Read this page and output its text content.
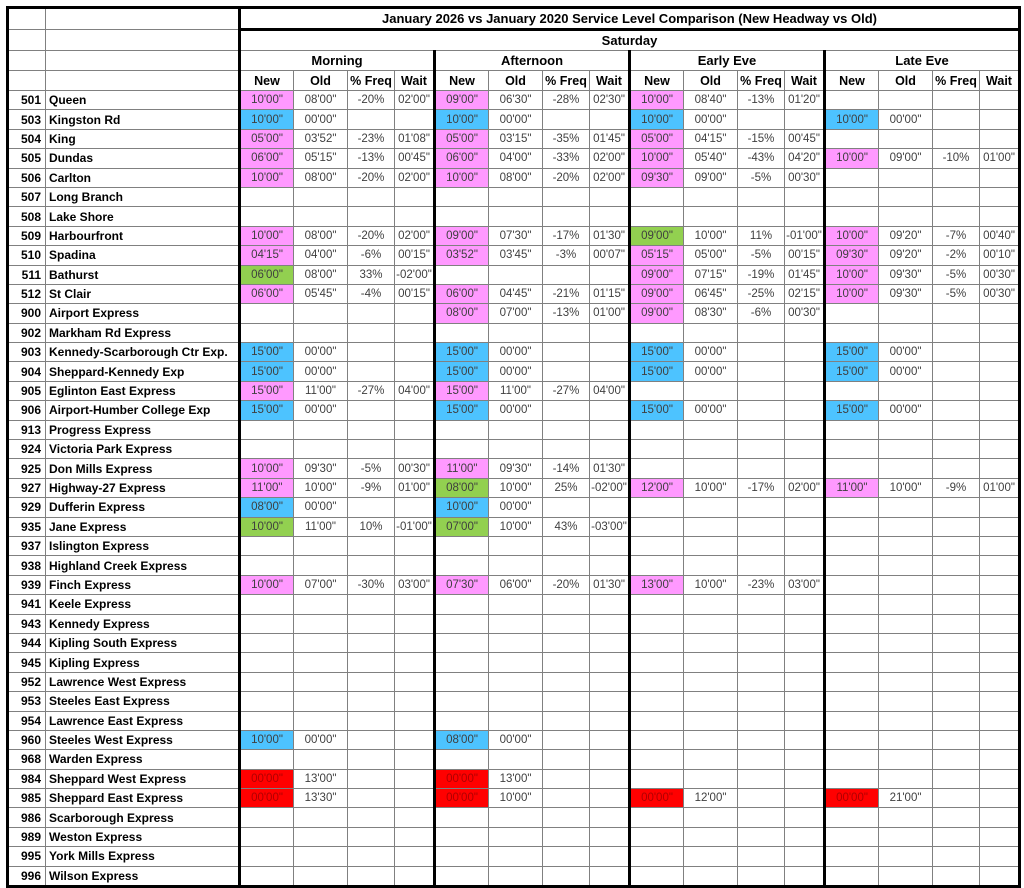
		January 2026 vs January 2020 Service Level Comparison (New Headway vs Old)															
		Saturday															
		Morning				Afternoon				Early Eve				Late Eve			
		New	Old	% Freq	Wait	New	Old	% Freq	Wait	New	Old	% Freq	Wait	New	Old	% Freq	Wait
501	Queen	10'00"	08'00"	-20%	02'00"	09'00"	06'30"	-28%	02'30"	10'00"	08'40"	-13%	01'20"				
503	Kingston Rd	10'00"	00'00"			10'00"	00'00"			10'00"	00'00"			10'00"	00'00"		
504	King	05'00"	03'52"	-23%	01'08"	05'00"	03'15"	-35%	01'45"	05'00"	04'15"	-15%	00'45"				
505	Dundas	06'00"	05'15"	-13%	00'45"	06'00"	04'00"	-33%	02'00"	10'00"	05'40"	-43%	04'20"	10'00"	09'00"	-10%	01'00"
506	Carlton	10'00"	08'00"	-20%	02'00"	10'00"	08'00"	-20%	02'00"	09'30"	09'00"	-5%	00'30"				
507	Long Branch																
508	Lake Shore																
509	Harbourfront	10'00"	08'00"	-20%	02'00"	09'00"	07'30"	-17%	01'30"	09'00"	10'00"	11%	-01'00"	10'00"	09'20"	-7%	00'40"
510	Spadina	04'15"	04'00"	-6%	00'15"	03'52"	03'45"	-3%	00'07"	05'15"	05'00"	-5%	00'15"	09'30"	09'20"	-2%	00'10"
511	Bathurst	06'00"	08'00"	33%	-02'00"					09'00"	07'15"	-19%	01'45"	10'00"	09'30"	-5%	00'30"
512	St Clair	06'00"	05'45"	-4%	00'15"	06'00"	04'45"	-21%	01'15"	09'00"	06'45"	-25%	02'15"	10'00"	09'30"	-5%	00'30"
900	Airport Express					08'00"	07'00"	-13%	01'00"	09'00"	08'30"	-6%	00'30"				
902	Markham Rd Express																
903	Kennedy-Scarborough Ctr Exp.	15'00"	00'00"			15'00"	00'00"			15'00"	00'00"			15'00"	00'00"		
904	Sheppard-Kennedy Exp	15'00"	00'00"			15'00"	00'00"			15'00"	00'00"			15'00"	00'00"		
905	Eglinton East Express	15'00"	11'00"	-27%	04'00"	15'00"	11'00"	-27%	04'00"								
906	Airport-Humber College Exp	15'00"	00'00"			15'00"	00'00"			15'00"	00'00"			15'00"	00'00"		
913	Progress Express																
924	Victoria Park Express																
925	Don Mills Express	10'00"	09'30"	-5%	00'30"	11'00"	09'30"	-14%	01'30"								
927	Highway-27 Express	11'00"	10'00"	-9%	01'00"	08'00"	10'00"	25%	-02'00"	12'00"	10'00"	-17%	02'00"	11'00"	10'00"	-9%	01'00"
929	Dufferin Express	08'00"	00'00"			10'00"	00'00"										
935	Jane Express	10'00"	11'00"	10%	-01'00"	07'00"	10'00"	43%	-03'00"								
937	Islington Express																
938	Highland Creek Express																
939	Finch Express	10'00"	07'00"	-30%	03'00"	07'30"	06'00"	-20%	01'30"	13'00"	10'00"	-23%	03'00"				
941	Keele Express																
943	Kennedy Express																
944	Kipling South Express																
945	Kipling Express																
952	Lawrence West Express																
953	Steeles East Express																
954	Lawrence East Express																
960	Steeles West Express	10'00"	00'00"			08'00"	00'00"										
968	Warden Express																
984	Sheppard West Express	00'00"	13'00"			00'00"	13'00"										
985	Sheppard East Express	00'00"	13'30"			00'00"	10'00"			00'00"	12'00"			00'00"	21'00"		
986	Scarborough Express																
989	Weston Express																
995	York Mills Express																
996	Wilson Express																
